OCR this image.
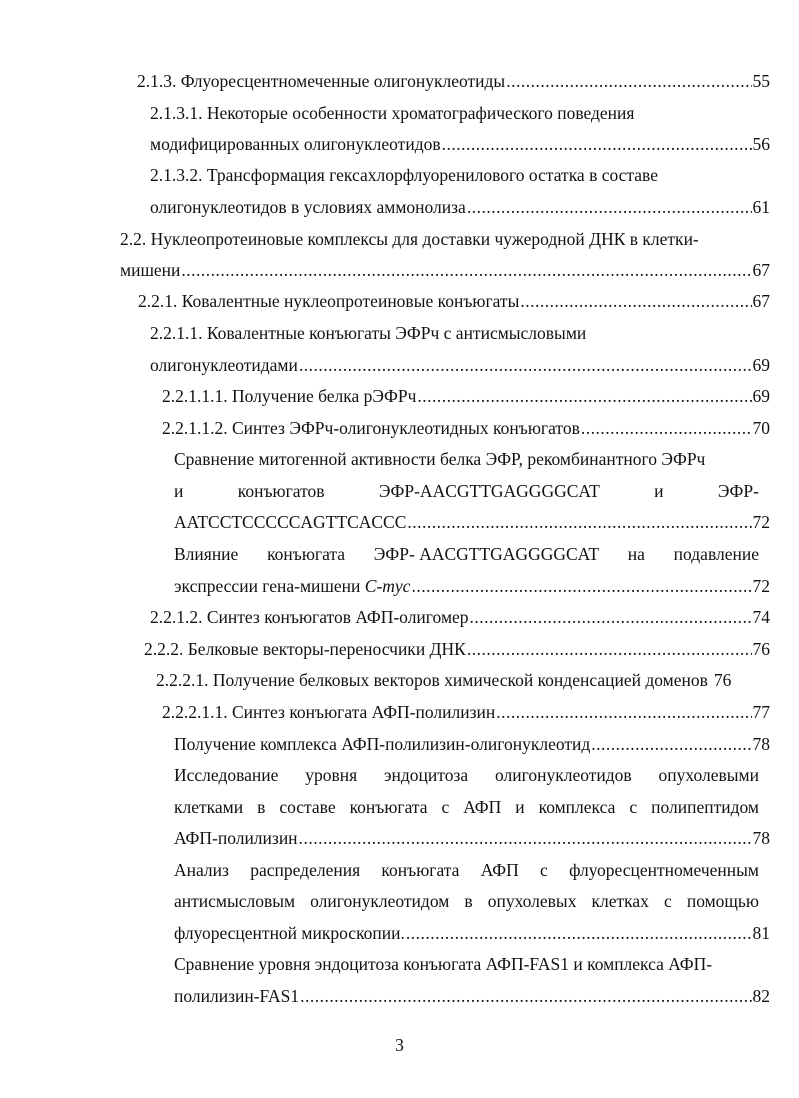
2.1.3. Флуоресцентномеченные олигонуклеотиды .....	55
2.1.3.1. Некоторые особенности хроматографического поведения
модифицированных олигонуклеотидов .....	56
2.1.3.2. Трансформация гексахлорфлуоренилового остатка в составе
олигонуклеотидов в условиях аммонолиза .....	61
2.2. Нуклеопротеиновые комплексы для доставки чужеродной ДНК в клетки-
мишени .....	67
2.2.1. Ковалентные нуклеопротеиновые конъюгаты .....	67
2.2.1.1. Ковалентные конъюгаты ЭФРч с антисмысловыми
олигонуклеотидами .....	69
2.2.1.1.1. Получение белка рЭФРч .....	69
2.2.1.1.2. Синтез ЭФРч-олигонуклеотидных конъюгатов .....	70
Сравнение митогенной активности белка ЭФР, рекомбинантного ЭФРч
и	конъюгатов	ЭФР-AACGTTGAGGGGCAT	и	ЭФР-
AATCCTCCCCCAGTTCACCC .....	72
Влияние конъюгата ЭФР- AACGTTGAGGGGCAT на подавление
экспрессии гена-мишени C-myc .....	72
2.2.1.2. Синтез конъюгатов АФП-олигомер .....	74
2.2.2. Белковые векторы-переносчики ДНК .....	76
2.2.2.1. Получение белковых векторов химической конденсацией доменов 76
2.2.2.1.1. Синтез конъюгата АФП-полилизин .....	77
Получение комплекса АФП-полилизин-олигонуклеотид .....	78
Исследование уровня эндоцитоза олигонуклеотидов опухолевыми
клетками в составе конъюгата с АФП и комплекса с полипептидом
АФП-полилизин .....	78
Анализ распределения конъюгата АФП с флуоресцентномеченным
антисмысловым олигонуклеотидом в опухолевых клетках с помощью
флуоресцентной микроскопии. .....	81
Сравнение уровня эндоцитоза конъюгата АФП-FAS1 и комплекса АФП-
полилизин-FAS1 .....	82
3
